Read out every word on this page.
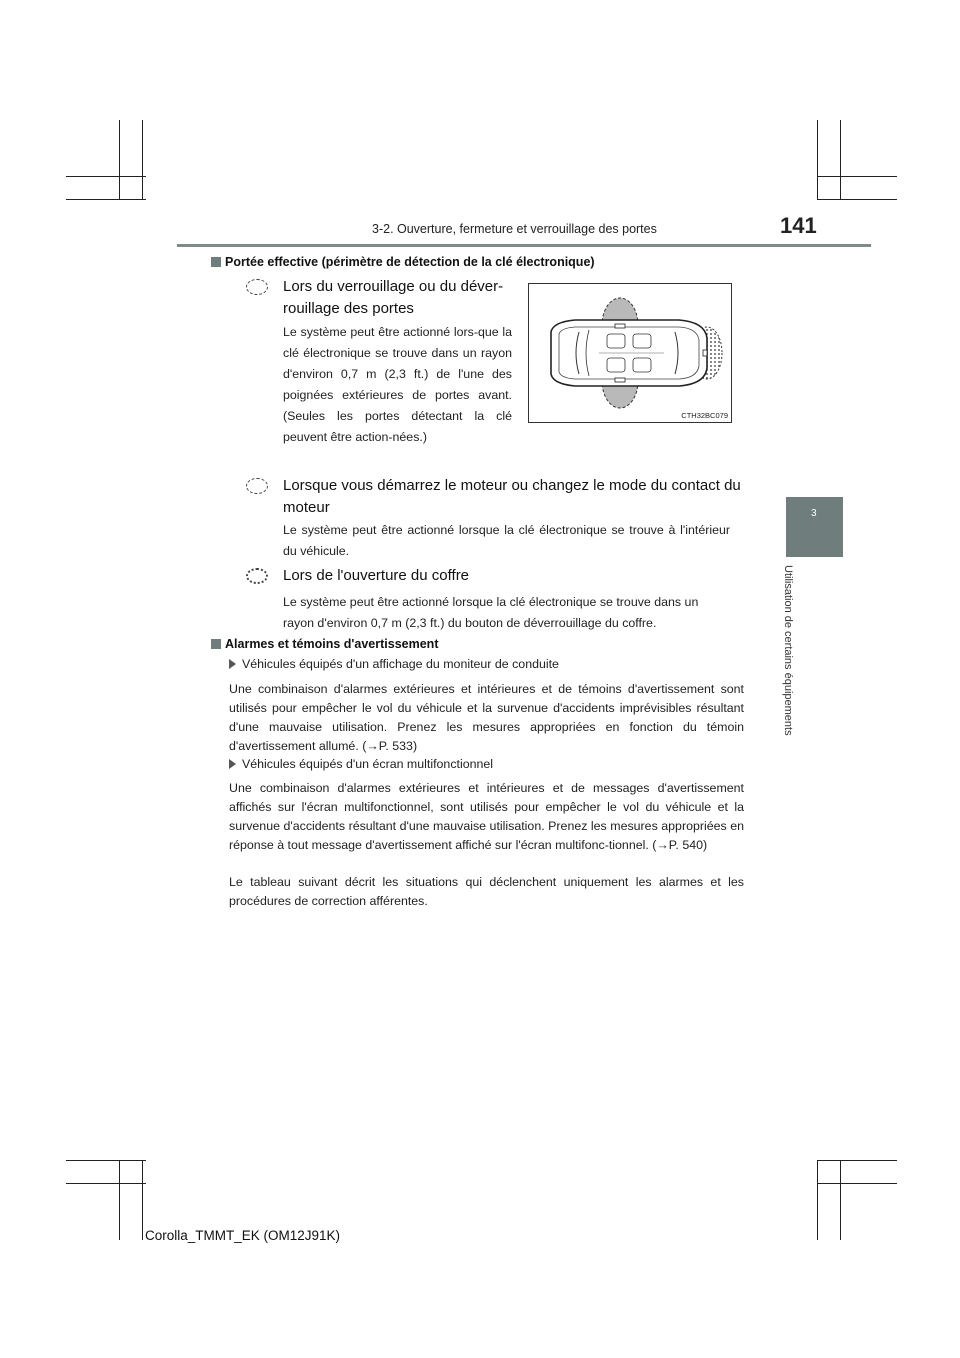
3-2. Ouverture, fermeture et verrouillage des portes	141
3
Utilisation de certains équipements
Portée effective (périmètre de détection de la clé électronique)
Lors du verrouillage ou du déver-
rouillage des portes
Le système peut être actionné lors-que la clé électronique se trouve dans un rayon d'environ 0,7 m (2,3 ft.) de l'une des poignées extérieures de portes avant. (Seules les portes détectant la clé peuvent être action-nées.)
CTH32BC079
Lorsque vous démarrez le moteur ou changez le mode du contact du moteur
Le système peut être actionné lorsque la clé électronique se trouve à l'intérieur du véhicule.
Lors de l'ouverture du coffre
Le système peut être actionné lorsque la clé électronique se trouve dans un rayon d'environ 0,7 m (2,3 ft.) du bouton de déverrouillage du coffre.
Alarmes et témoins d'avertissement
Véhicules équipés d'un affichage du moniteur de conduite
Une combinaison d'alarmes extérieures et intérieures et de témoins d'avertissement sont utilisés pour empêcher le vol du véhicule et la survenue d'accidents imprévisibles résultant d'une mauvaise utilisation. Prenez les mesures appropriées en fonction du témoin d'avertissement allumé. (→P. 533)
Véhicules équipés d'un écran multifonctionnel
Une combinaison d'alarmes extérieures et intérieures et de messages d'avertissement affichés sur l'écran multifonctionnel, sont utilisés pour empêcher le vol du véhicule et la survenue d'accidents résultant d'une mauvaise utilisation. Prenez les mesures appropriées en réponse à tout message d'avertissement affiché sur l'écran multifonc-tionnel. (→P. 540)
Le tableau suivant décrit les situations qui déclenchent uniquement les alarmes et les procédures de correction afférentes.
Corolla_TMMT_EK (OM12J91K)
